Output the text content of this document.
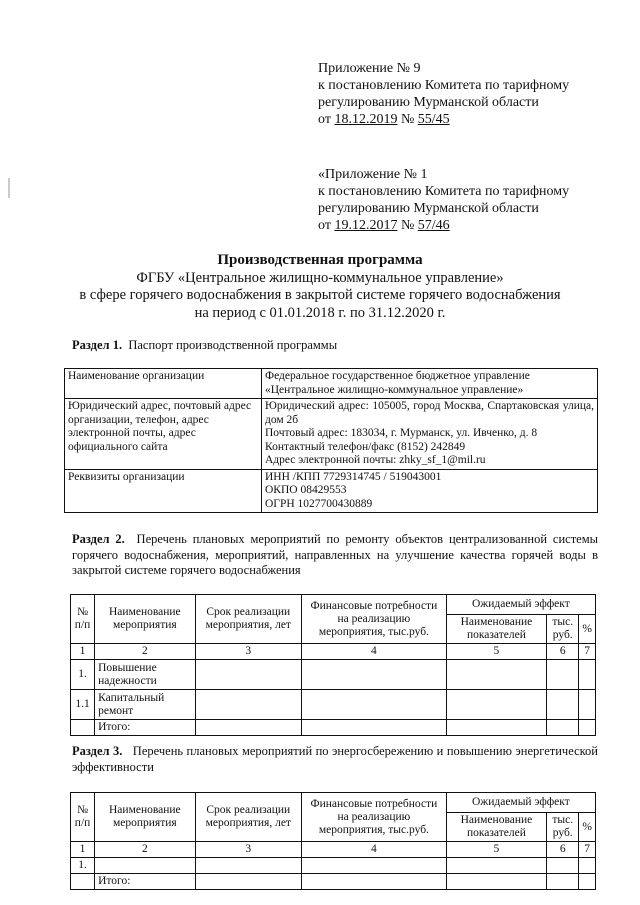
Приложение № 9
к постановлению Комитета по тарифному
регулированию Мурманской области
от 18.12.2019 № 55/45
«Приложение № 1
к постановлению Комитета по тарифному
регулированию Мурманской области
от 19.12.2017 № 57/46
Производственная программа
ФГБУ «Центральное жилищно-коммунальное управление»
в сфере горячего водоснабжения в закрытой системе горячего водоснабжения
на период с 01.01.2018 г. по 31.12.2020 г.
Раздел 1. Паспорт производственной программы
Наименование организации	Федеральное государственное бюджетное управление
«Центральное жилищно-коммунальное управление»

Юридический адрес, почтовый адрес организации, телефон, адрес электронной почты, адрес официального сайта	Юридический адрес: 105005, город Москва, Спартаковская улица, дом 2б
Почтовый адрес: 183034, г. Мурманск, ул. Ивченко, д. 8
Контактный телефон/факс (8152) 242849
Адрес электронной почты: zhky_sf_1@mil.ru

Реквизиты организации	ИНН /КПП 7729314745 / 519043001
ОКПО 08429553
ОГРН 1027700430889
Раздел 2. Перечень плановых мероприятий по ремонту объектов централизованной системы горячего водоснабжения, мероприятий, направленных на улучшение качества горячей воды в закрытой системе горячего водоснабжения
№ п/п	Наименование мероприятия	Срок реализации мероприятия, лет	Финансовые потребности на реализацию мероприятия, тыс.руб.	Ожидаемый эффект		
				Наименование показателей	тыс. руб.	%
1	2	3	4	5	6	7
1.	Повышение надежности					
1.1	Капитальный ремонт					
	Итого:					
Раздел 3. Перечень плановых мероприятий по энергосбережению и повышению энергетической эффективности
№ п/п	Наименование мероприятия	Срок реализации мероприятия, лет	Финансовые потребности на реализацию мероприятия, тыс.руб.	Ожидаемый эффект		
				Наименование показателей	тыс. руб.	%
1	2	3	4	5	6	7
1.						
	Итого:					
